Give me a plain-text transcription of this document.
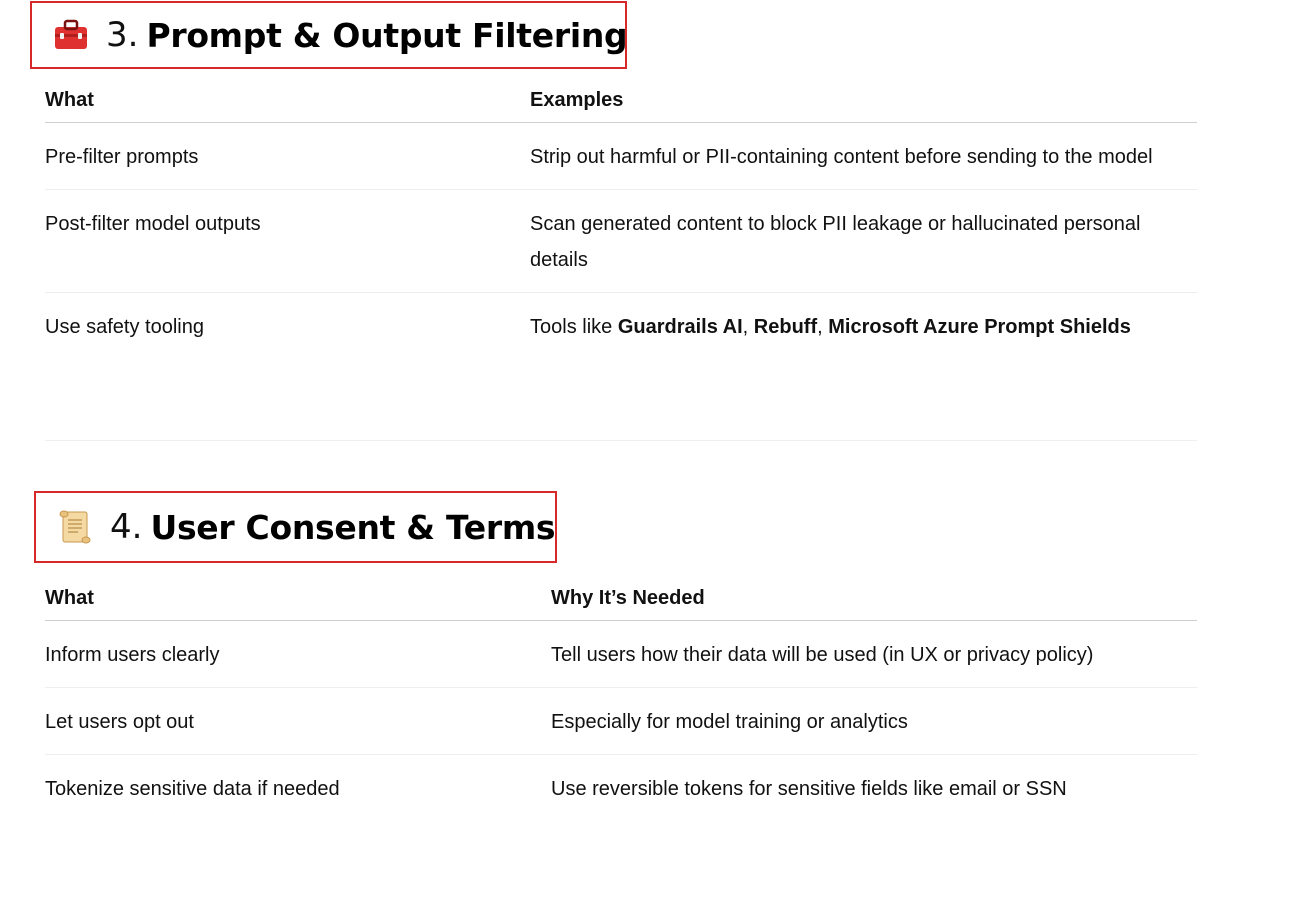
3. Prompt & Output Filtering
What	Examples

Pre-filter prompts	Strip out harmful or PII-containing content before sending to the model

Post-filter model outputs	Scan generated content to block PII leakage or hallucinated personal details

Use safety tooling	Tools like Guardrails AI, Rebuff, Microsoft Azure Prompt Shields
4. User Consent & Terms
What	Why It’s Needed

Inform users clearly	Tell users how their data will be used (in UX or privacy policy)

Let users opt out	Especially for model training or analytics

Tokenize sensitive data if needed	Use reversible tokens for sensitive fields like email or SSN
